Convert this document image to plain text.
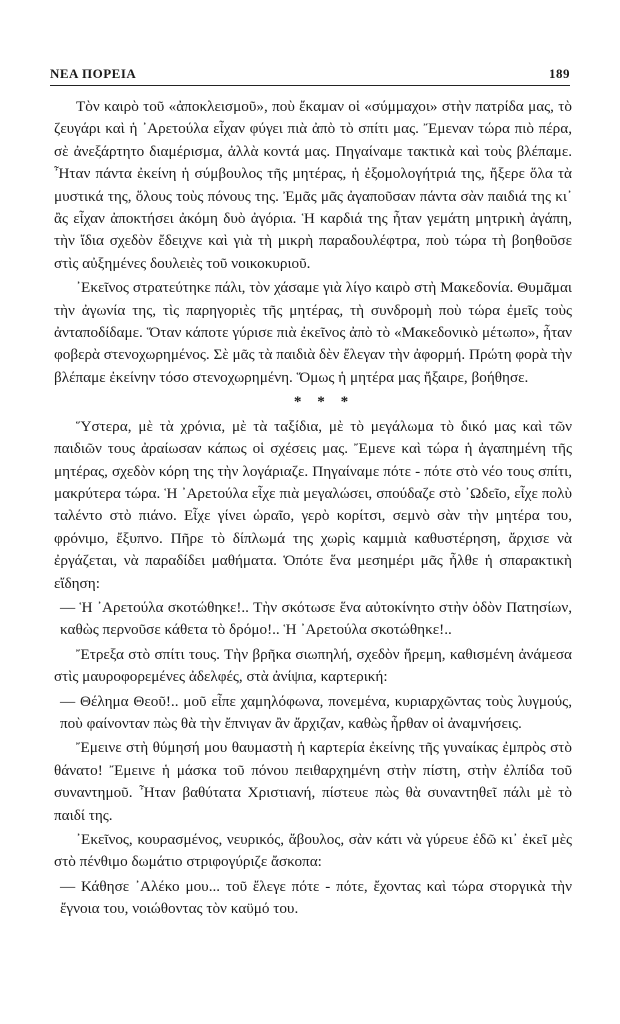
ΝΕΑ ΠΟΡΕΙΑ	189

Τὸν καιρὸ τοῦ «ἀποκλεισμοῦ», ποὺ ἔκαμαν οἱ «σύμμαχοι» στὴν πατρίδα μας, τὸ ζευγάρι καὶ ἡ ᾿Αρετούλα εἶχαν φύγει πιὰ ἀπὸ τὸ σπίτι μας. Ἔμεναν τώρα πιὸ πέρα, σὲ ἀνεξάρτητο διαμέρισμα, ἀλλὰ κοντά μας. Πηγαίναμε τακτικὰ καὶ τοὺς βλέπαμε. Ἦταν πάντα ἐκείνη ἡ σύμβουλος τῆς μητέρας, ἡ ἐξομολογήτριά της, ἤξερε ὅλα τὰ μυστικά της, ὅλους τοὺς πόνους της. Ἐμᾶς μᾶς ἀγαποῦσαν πάντα σὰν παιδιά της κι᾿ ἂς εἶχαν ἀποκτήσει ἀκόμη δυὸ ἀγόρια. Ἡ καρδιά της ἦταν γεμάτη μητρικὴ ἀγάπη, τὴν ἴδια σχεδὸν ἔδειχνε καὶ γιὰ τὴ μικρὴ παραδουλέφτρα, ποὺ τώρα τὴ βοηθοῦσε στὶς αὐξημένες δουλειὲς τοῦ νοικοκυριοῦ.

᾿Εκεῖνος στρατεύτηκε πάλι, τὸν χάσαμε γιὰ λίγο καιρὸ στὴ Μακεδονία. Θυμᾶμαι τὴν ἀγωνία της, τὶς παρηγοριὲς τῆς μητέρας, τὴ συνδρομὴ ποὺ τώρα ἐμεῖς τοὺς ἀνταποδίδαμε. Ὅταν κάποτε γύρισε πιὰ ἐκεῖνος ἀπὸ τὸ «Μακεδονικὸ μέτωπο», ἦταν φοβερὰ στενοχωρημένος. Σὲ μᾶς τὰ παιδιὰ δὲν ἔλεγαν τὴν ἀφορμή. Πρώτη φορὰ τὴν βλέπαμε ἐκείνην τόσο στενοχωρημένη. Ὅμως ἡ μητέρα μας ἤξαιρε, βοήθησε.

* * *

Ὕστερα, μὲ τὰ χρόνια, μὲ τὰ ταξίδια, μὲ τὸ μεγάλωμα τὸ δικό μας καὶ τῶν παιδιῶν τους ἀραίωσαν κάπως οἱ σχέσεις μας. Ἔμενε καὶ τώρα ἡ ἀγαπημένη τῆς μητέρας, σχεδὸν κόρη της τὴν λογάριαζε. Πηγαίναμε πότε - πότε στὸ νέο τους σπίτι, μακρύτερα τώρα. Ἡ ᾿Αρετούλα εἶχε πιὰ μεγαλώσει, σπούδαζε στὸ ᾿Ωδεῖο, εἶχε πολὺ ταλέντο στὸ πιάνο. Εἶχε γίνει ὡραῖο, γερὸ κορίτσι, σεμνὸ σὰν τὴν μητέρα του, φρόνιμο, ἔξυπνο. Πῆρε τὸ δίπλωμά της χωρὶς καμμιὰ καθυστέρηση, ἄρχισε νὰ ἐργάζεται, νὰ παραδίδει μαθήματα. Ὁπότε ἕνα μεσημέρι μᾶς ἦλθε ἡ σπαρακτικὴ εἴδηση:

— Ἡ ᾿Αρετούλα σκοτώθηκε!.. Τὴν σκότωσε ἕνα αὐτοκίνητο στὴν ὁδὸν Πατησίων, καθὼς περνοῦσε κάθετα τὸ δρόμο!.. Ἡ ᾿Αρετούλα σκοτώθηκε!..

Ἔτρεξα στὸ σπίτι τους. Τὴν βρῆκα σιωπηλή, σχεδὸν ἤρεμη, καθισμένη ἀνάμεσα στὶς μαυροφορεμένες ἀδελφές, στὰ ἀνίψια, καρτερική:

— Θέλημα Θεοῦ!.. μοῦ εἶπε χαμηλόφωνα, πονεμένα, κυριαρχῶντας τοὺς λυγμούς, ποὺ φαίνονταν πὼς θὰ τὴν ἔπνιγαν ἂν ἄρχιζαν, καθὼς ἦρθαν οἱ ἀναμνήσεις.

Ἔμεινε στὴ θύμησή μου θαυμαστὴ ἡ καρτερία ἐκείνης τῆς γυναίκας ἐμπρὸς στὸ θάνατο! Ἔμεινε ἡ μάσκα τοῦ πόνου πειθαρχημένη στὴν πίστη, στὴν ἐλπίδα τοῦ συναντημοῦ. Ἦταν βαθύτατα Χριστιανή, πίστευε πὼς θὰ συναντηθεῖ πάλι μὲ τὸ παιδί της.

᾿Εκεῖνος, κουρασμένος, νευρικός, ἄβουλος, σὰν κάτι νὰ γύρευε ἐδῶ κι᾿ ἐκεῖ μὲς στὸ πένθιμο δωμάτιο στριφογύριζε ἄσκοπα:

— Κάθησε ᾿Αλέκο μου... τοῦ ἔλεγε πότε - πότε, ἔχοντας καὶ τώρα στοργικὰ τὴν ἔγνοια του, νοιώθοντας τὸν καϋμό του.
